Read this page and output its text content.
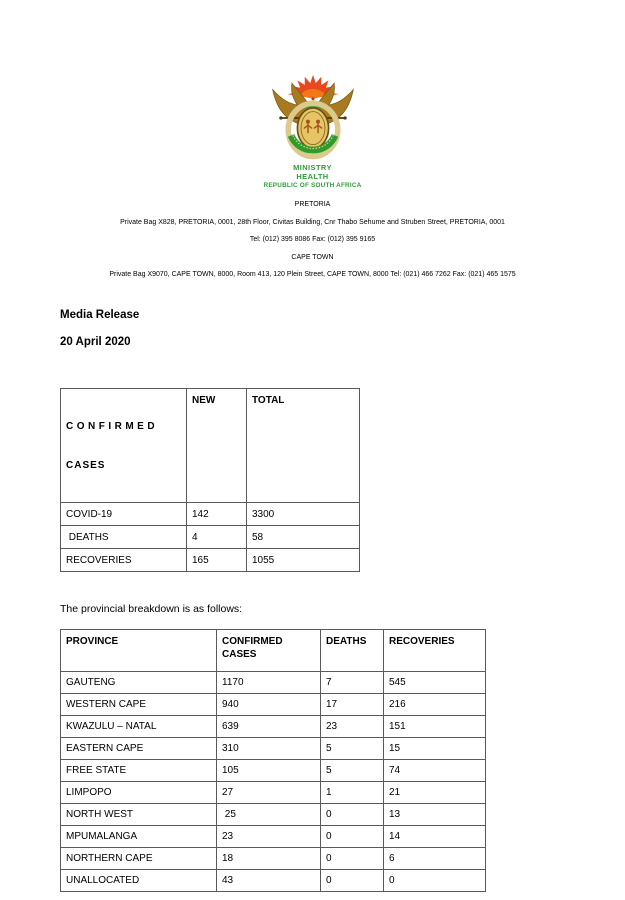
MINISTRY
HEALTH
REPUBLIC OF SOUTH AFRICA
PRETORIA
Private Bag X828, PRETORIA, 0001, 28th Floor, Civitas Building, Cnr Thabo Sehume and Struben Street, PRETORIA, 0001
Tel: (012) 395 8086 Fax: (012) 395 9165
CAPE TOWN
Private Bag X9070, CAPE TOWN, 8000, Room 413, 120 Plein Street, CAPE TOWN, 8000 Tel: (021) 466 7262 Fax: (021) 465 1575
Media Release
20 April 2020

CONFIRMED

CASES	NEW	TOTAL
COVID-19	142	3300
DEATHS	4	58
RECOVERIES	165	1055

The provincial breakdown is as follows:

PROVINCE	CONFIRMED CASES	DEATHS	RECOVERIES
GAUTENG	1170	7	545
WESTERN CAPE	940	17	216
KWAZULU – NATAL	639	23	151
EASTERN CAPE	310	5	15
FREE STATE	105	5	74
LIMPOPO	27	1	21
NORTH WEST	25	0	13
MPUMALANGA	23	0	14
NORTHERN CAPE	18	0	6
UNALLOCATED	43	0	0
